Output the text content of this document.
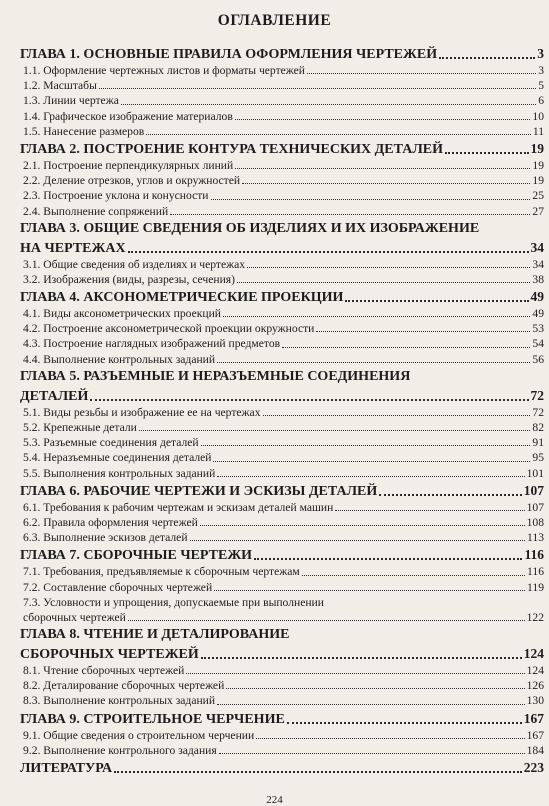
ОГЛАВЛЕНИЕ
ГЛАВА 1. ОСНОВНЫЕ ПРАВИЛА ОФОРМЛЕНИЯ ЧЕРТЕЖЕЙ	3
1.1. Оформление чертежных листов и форматы чертежей	3
1.2. Масштабы	5
1.3. Линии чертежа	6
1.4. Графическое изображение материалов	10
1.5. Нанесение размеров	11
ГЛАВА 2. ПОСТРОЕНИЕ КОНТУРА ТЕХНИЧЕСКИХ ДЕТАЛЕЙ	19
2.1. Построение перпендикулярных линий	19
2.2. Деление отрезков, углов и окружностей	19
2.3. Построение уклона и конусности	25
2.4. Выполнение сопряжений	27
ГЛАВА 3. ОБЩИЕ СВЕДЕНИЯ ОБ ИЗДЕЛИЯХ И ИХ ИЗОБРАЖЕНИЕ
НА ЧЕРТЕЖАХ	34
3.1. Общие сведения об изделиях и чертежах	34
3.2. Изображения (виды, разрезы, сечения)	38
ГЛАВА 4. АКСОНОМЕТРИЧЕСКИЕ ПРОЕКЦИИ	49
4.1. Виды аксонометрических проекций	49
4.2. Построение аксонометрической проекции окружности	53
4.3. Построение наглядных изображений предметов	54
4.4. Выполнение контрольных заданий	56
ГЛАВА 5. РАЗЪЕМНЫЕ И НЕРАЗЪЕМНЫЕ СОЕДИНЕНИЯ
ДЕТАЛЕЙ	72
5.1. Виды резьбы и изображение ее на чертежах	72
5.2. Крепежные детали	82
5.3. Разъемные соединения деталей	91
5.4. Неразъемные соединения деталей	95
5.5. Выполнения контрольных заданий	101
ГЛАВА 6. РАБОЧИЕ ЧЕРТЕЖИ И ЭСКИЗЫ ДЕТАЛЕЙ	107
6.1. Требования к рабочим чертежам и эскизам деталей машин	107
6.2. Правила оформления чертежей	108
6.3. Выполнение эскизов деталей	113
ГЛАВА 7. СБОРОЧНЫЕ ЧЕРТЕЖИ	116
7.1. Требования, предъявляемые к сборочным чертежам	116
7.2. Составление сборочных чертежей	119
7.3. Условности и упрощения, допускаемые при выполнении
сборочных чертежей	122
ГЛАВА 8. ЧТЕНИЕ И ДЕТАЛИРОВАНИЕ
СБОРОЧНЫХ ЧЕРТЕЖЕЙ	124
8.1. Чтение сборочных чертежей	124
8.2. Деталирование сборочных чертежей	126
8.3. Выполнение контрольных заданий	130
ГЛАВА 9. СТРОИТЕЛЬНОЕ ЧЕРЧЕНИЕ	167
9.1. Общие сведения о строительном черчении	167
9.2. Выполнение контрольного задания	184
ЛИТЕРАТУРА	223
224
